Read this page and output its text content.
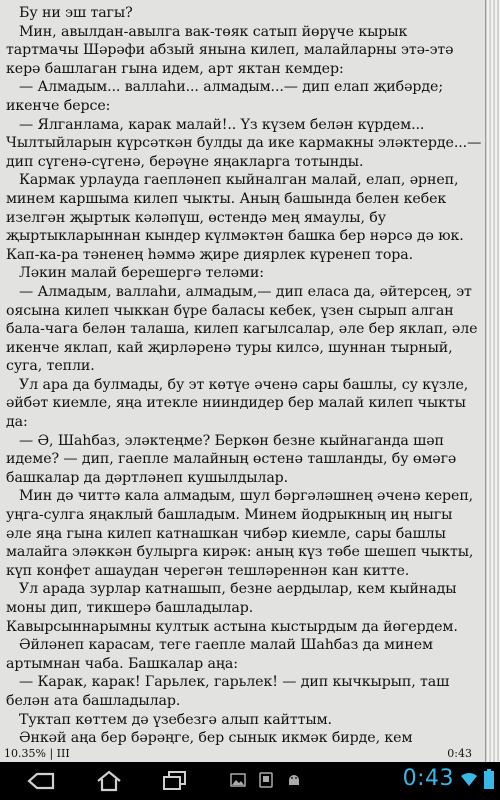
Бу ни эш тагы?

Мин, авылдан-авылга вак-төяк сатып йөрүче кырык тартмачы Шәрәфи абзый янына килеп, малайларны этә-этә керә башлаган гына идем, арт яктан кемдер:

— Алмадым... валлаһи... алмадым...— дип елап җибәрде; икенче берсе:

— Ялганлама, карак малай!.. Үз күзем белән күрдем... Чылтыйларын күрсәткән булды да ике кармакны эләктерде...— дип сүгенә-сүгенә, берәүне яңакларга тотынды.

Кармак урлауда гаепләнеп кыйналган малай, елап, әрнеп, минем каршыма килеп чыкты. Аның башында белен кебек изелгән җыртык кәләпүш, өстендә мең ямаулы, бу җыртыкларыннан кындер күлмәктән башка бер нәрсә дә юк. Кап-ка-ра тәненең һәммә җире диярлек күренеп тора.

Ләкин малай берешергә теләми:

— Алмадым, валлаһи, алмадым,— дип еласа да, әйтерсең, эт оясына килеп чыккан бүре баласы кебек, үзен сырып алган бала-чага белән талаша, килеп кагылсалар, әле бер яклап, әле икенче яклап, кай җирләренә туры килсә, шуннан тырный, суга, тепли.

Ул ара да булмады, бу эт көтүе әченә сары башлы, су күзле, әйбәт киемле, яңа итекле нииндидер бер малай килеп чыкты да:

— Ә, Шаһбаз, эләктеңме? Беркөн безне кыйнаганда шәп идеме? — дип, гаепле малайның өстенә ташланды, бу өмәгә башкалар да дәртләнеп кушылдылар.

Мин дә читтә кала алмадым, шул бәргәләшнең әченә кереп, уңга-сулга яңаклый башладым. Минем йодрыкның иң ныгы әле яңа гына килеп катнашкан чибәр киемле, сары башлы малайга эләккән булырга кирәк: аның күз төбе шешеп чыкты, күп конфет ашаудан черегән тешләреннән кан китте.

Ул арада зурлар катнашып, безне аердылар, кем кыйнады моны дип, тикшерә башладылар.

Кавырсыннарымны култык астына кыстырдым да йөгердем.

Әйләнеп карасам, теге гаепле малай Шаһбаз да минем артымнан чаба. Башкалар аңа:

— Карак, карак! Гарьлек, гарьлек! — дип кычкырып, таш белән ата башладылар.

Туктап көттем дә үзебезгә алып кайттым.

Әнкәй аңа бер бәрәңге, бер сынык икмәк бирде, кем

10.35% | III	0:43
0:43
